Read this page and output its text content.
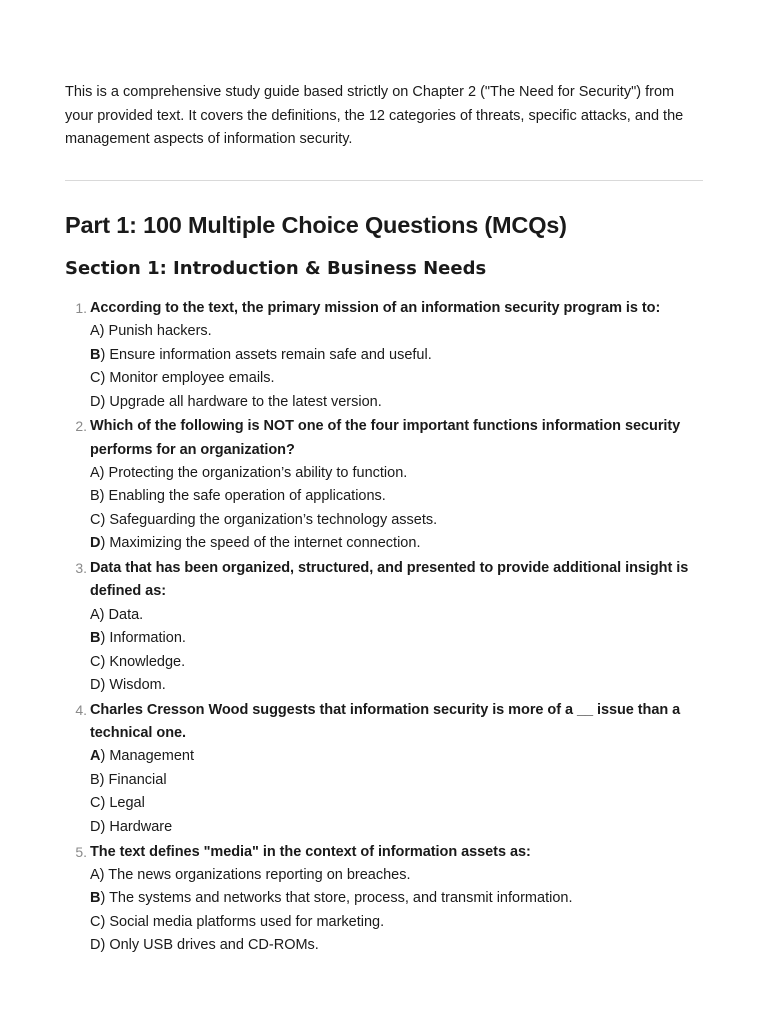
This is a comprehensive study guide based strictly on Chapter 2 ("The Need for Security") from your provided text. It covers the definitions, the 12 categories of threats, specific attacks, and the management aspects of information security.

Part 1: 100 Multiple Choice Questions (MCQs)
Section 1: Introduction & Business Needs
1. According to the text, the primary mission of an information security program is to:
A) Punish hackers.
B) Ensure information assets remain safe and useful.
C) Monitor employee emails.
D) Upgrade all hardware to the latest version.
2. Which of the following is NOT one of the four important functions information security performs for an organization?
A) Protecting the organization’s ability to function.
B) Enabling the safe operation of applications.
C) Safeguarding the organization’s technology assets.
D) Maximizing the speed of the internet connection.
3. Data that has been organized, structured, and presented to provide additional insight is defined as:
A) Data.
B) Information.
C) Knowledge.
D) Wisdom.
4. Charles Cresson Wood suggests that information security is more of a __ issue than a technical one.
A) Management
B) Financial
C) Legal
D) Hardware
5. The text defines "media" in the context of information assets as:
A) The news organizations reporting on breaches.
B) The systems and networks that store, process, and transmit information.
C) Social media platforms used for marketing.
D) Only USB drives and CD-ROMs.
